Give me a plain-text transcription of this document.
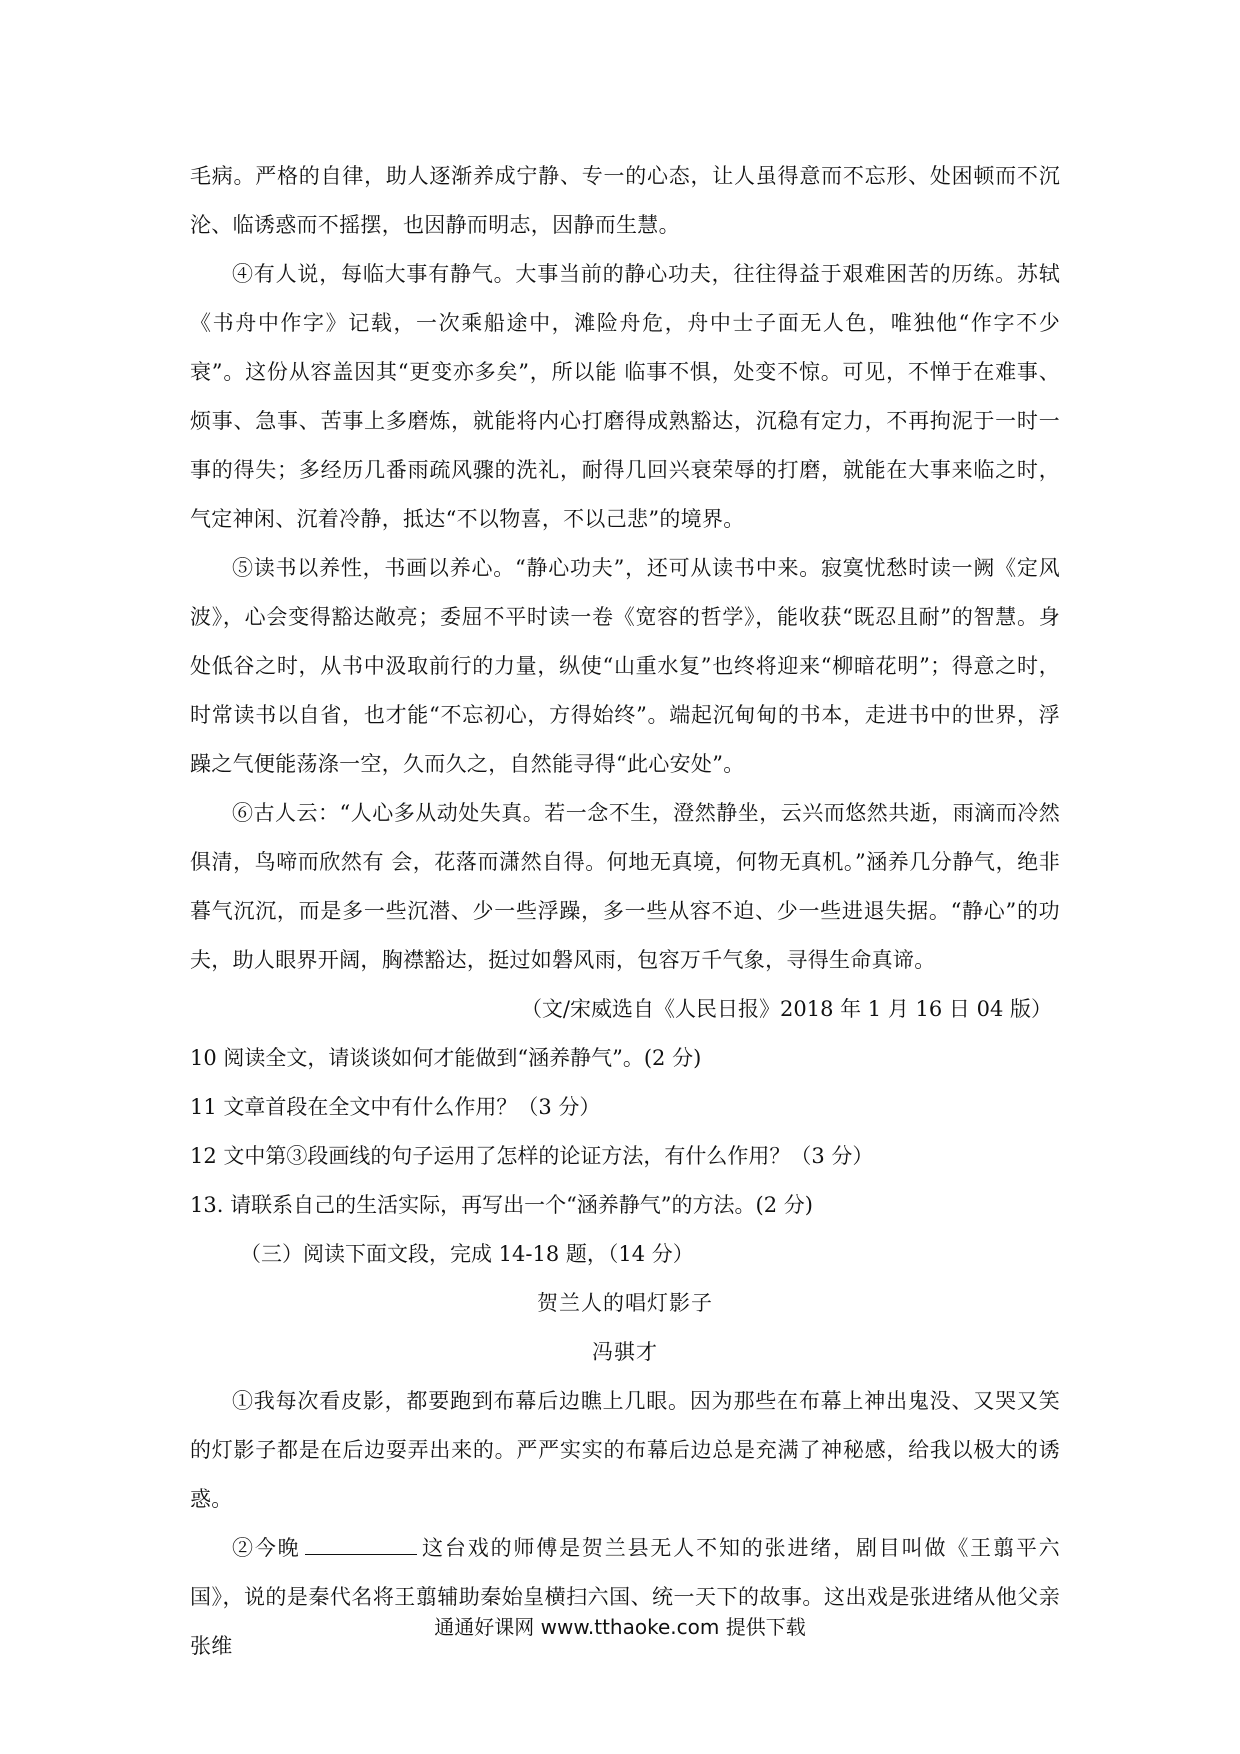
毛病。严格的自律，助人逐渐养成宁静、专一的心态，让人虽得意而不忘形、处困顿而不沉沦、临诱惑而不摇摆，也因静而明志，因静而生慧。

④有人说，每临大事有静气。大事当前的静心功夫，往往得益于艰难困苦的历练。苏轼《书舟中作字》记载，一次乘船途中，滩险舟危，舟中士子面无人色，唯独他“作字不少衰”。这份从容盖因其“更变亦多矣”，所以能 临事不惧，处变不惊。可见，不惮于在难事、烦事、急事、苦事上多磨炼，就能将内心打磨得成熟豁达，沉稳有定力，不再拘泥于一时一事的得失；多经历几番雨疏风骤的洗礼，耐得几回兴衰荣辱的打磨，就能在大事来临之时，气定神闲、沉着冷静，抵达“不以物喜，不以己悲”的境界。

⑤读书以养性，书画以养心。“静心功夫”，还可从读书中来。寂寞忧愁时读一阙《定风波》，心会变得豁达敞亮；委屈不平时读一卷《宽容的哲学》，能收获“既忍且耐”的智慧。身处低谷之时，从书中汲取前行的力量，纵使“山重水复”也终将迎来“柳暗花明”；得意之时，时常读书以自省，也才能“不忘初心，方得始终”。端起沉甸甸的书本，走进书中的世界，浮躁之气便能荡涤一空，久而久之，自然能寻得“此心安处”。

⑥古人云：“人心多从动处失真。若一念不生，澄然静坐，云兴而悠然共逝，雨滴而冷然俱清，鸟啼而欣然有 会，花落而潇然自得。何地无真境，何物无真机。”涵养几分静气，绝非暮气沉沉，而是多一些沉潜、少一些浮躁，多一些从容不迫、少一些进退失据。“静心”的功夫，助人眼界开阔，胸襟豁达，挺过如磐风雨，包容万千气象，寻得生命真谛。

（文/宋威选自《人民日报》2018 年 1 月 16 日 04 版）

10 阅读全文，请谈谈如何才能做到“涵养静气”。(2 分)

11 文章首段在全文中有什么作用？（3 分）

12 文中第③段画线的句子运用了怎样的论证方法，有什么作用？（3 分）

13. 请联系自己的生活实际，再写出一个“涵养静气”的方法。(2 分)

（三）阅读下面文段，完成 14-18 题，（14 分）

贺兰人的唱灯影子

冯骐才

①我每次看皮影，都要跑到布幕后边瞧上几眼。因为那些在布幕上神出鬼没、又哭又笑的灯影子都是在后边耍弄出来的。严严实实的布幕后边总是充满了神秘感，给我以极大的诱惑。

②今晚	这台戏的师傅是贺兰县无人不知的张进绪，剧目叫做《王翦平六国》，说的是秦代名将王翦辅助秦始皇横扫六国、统一天下的故事。这出戏是张进绪从他父亲张维

通通好课网 www.tthaoke.com 提供下载
